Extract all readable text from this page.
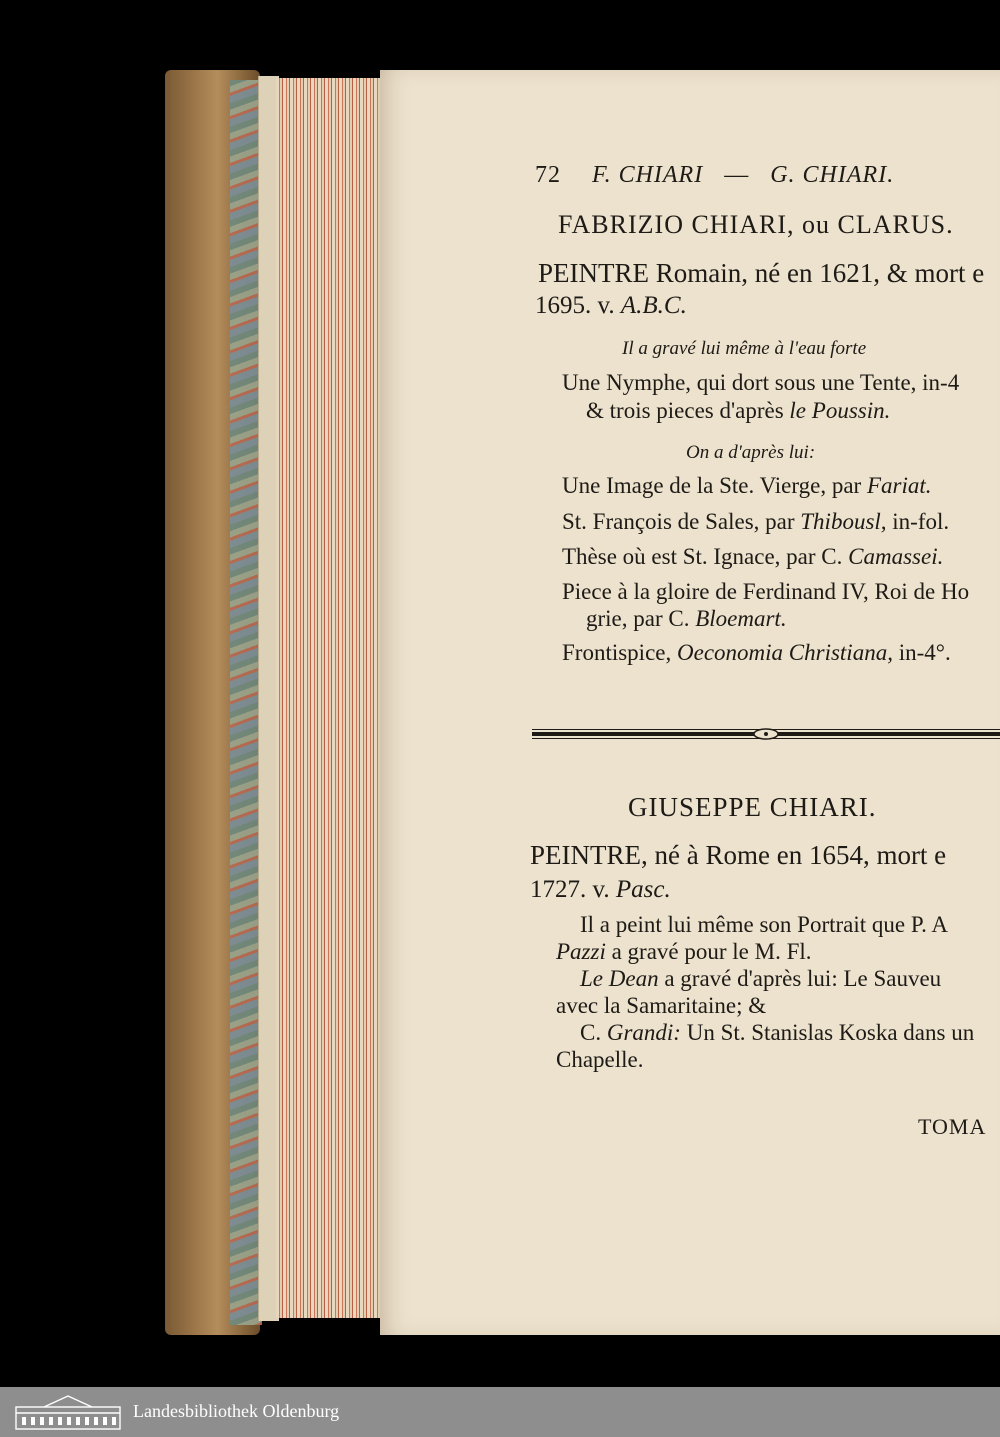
72 F. CHIARI — G. CHIARI.
FABRIZIO CHIARI, ou CLARUS.
PEINTRE Romain, né en 1621, & mort e
1695. v. A.B.C.
Il a gravé lui même à l'eau forte
Une Nymphe, qui dort sous une Tente, in-4
& trois pieces d'après le Poussin.
On a d'après lui:
Une Image de la Ste. Vierge, par Fariat.
St. François de Sales, par Thibousl, in-fol.
Thèse où est St. Ignace, par C. Camassei.
Piece à la gloire de Ferdinand IV, Roi de Ho
grie, par C. Bloemart.
Frontispice, Oeconomia Christiana, in-4°.
GIUSEPPE CHIARI.
PEINTRE, né à Rome en 1654, mort e
1727. v. Pasc.
Il a peint lui même son Portrait que P. A
Pazzi a gravé pour le M. Fl.
Le Dean a gravé d'après lui: Le Sauveu
avec la Samaritaine; &
C. Grandi: Un St. Stanislas Koska dans un
Chapelle.
TOMA
Landesbibliothek Oldenburg
